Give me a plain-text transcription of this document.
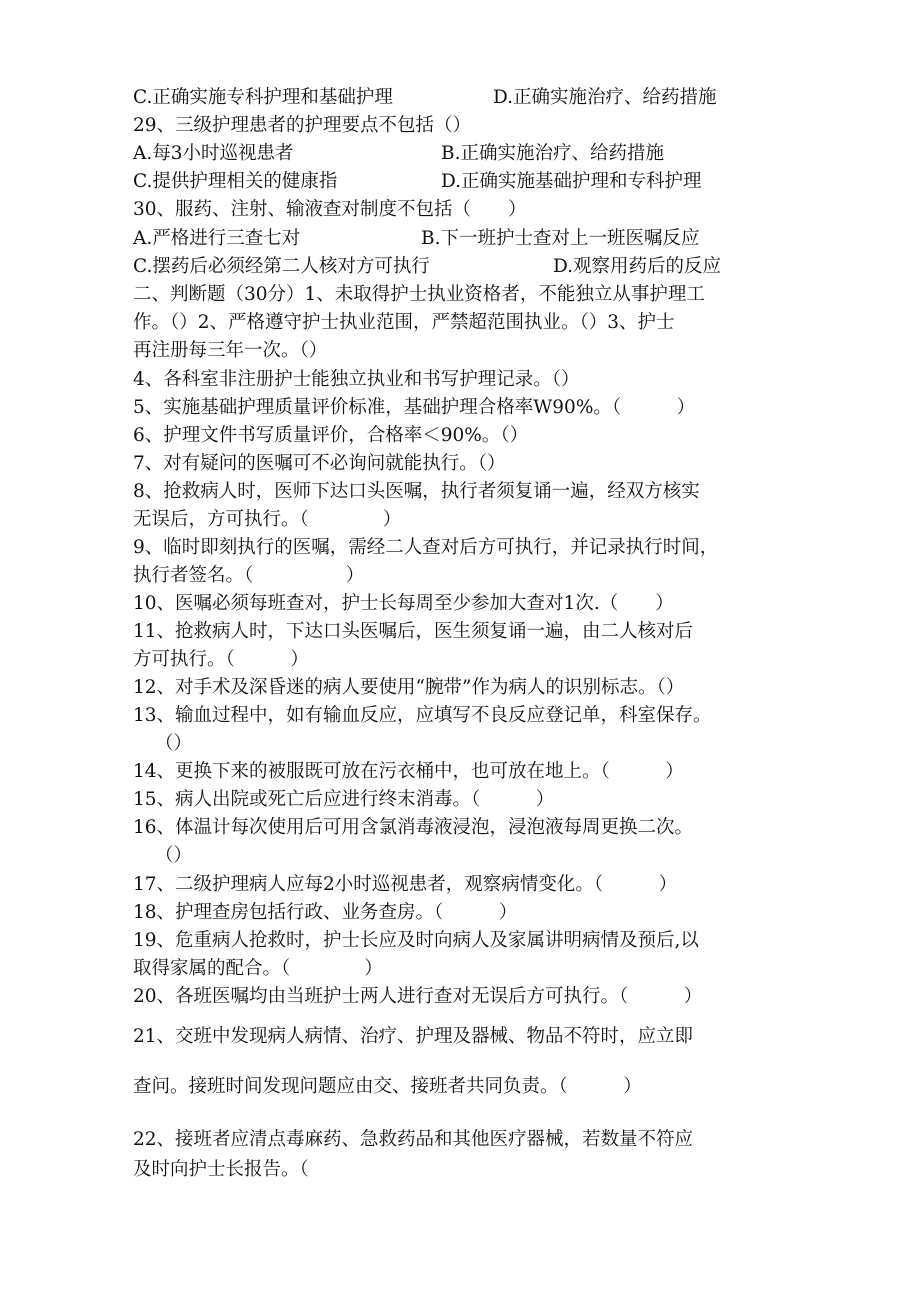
C.正确实施专科护理和基础护理	D.正确实施治疗、给药措施
29、三级护理患者的护理要点不包括（）
A.每3小时巡视患者	B.正确实施治疗、给药措施
C.提供护理相关的健康指	D.正确实施基础护理和专科护理
30、服药、注射、输液查对制度不包括（　　）
A.严格进行三查七对	B.下一班护士查对上一班医嘱反应
C.摆药后必须经第二人核对方可执行	D.观察用药后的反应
二、判断题（30分）1、未取得护士执业资格者，不能独立从事护理工
作。（）2、严格遵守护士执业范围，严禁超范围执业。（）3、护士
再注册每三年一次。（）
4、各科室非注册护士能独立执业和书写护理记录。（）
5、实施基础护理质量评价标准，基础护理合格率W90%。（　　　）
6、护理文件书写质量评价，合格率＜90%。（）
7、对有疑问的医嘱可不必询问就能执行。（）
8、抢救病人时，医师下达口头医嘱，执行者须复诵一遍，经双方核实
无误后，方可执行。（　　　　）
9、临时即刻执行的医嘱，需经二人查对后方可执行，并记录执行时间，
执行者签名。（　　　　　）
10、医嘱必须每班查对，护士长每周至少参加大查对1次.（　　）
11、抢救病人时，下达口头医嘱后，医生须复诵一遍，由二人核对后
方可执行。（　　　）
12、对手术及深昏迷的病人要使用“腕带”作为病人的识别标志。（）
13、输血过程中，如有输血反应，应填写不良反应登记单，科室保存。
（）
14、更换下来的被服既可放在污衣桶中，也可放在地上。（　　　）
15、病人出院或死亡后应进行终末消毒。（　　　）
16、体温计每次使用后可用含氯消毒液浸泡，浸泡液每周更换二次。
（）
17、二级护理病人应每2小时巡视患者，观察病情变化。（　　　）
18、护理查房包括行政、业务查房。（　　　）
19、危重病人抢救时，护士长应及时向病人及家属讲明病情及预后,以
取得家属的配合。（　　　　）
20、各班医嘱均由当班护士两人进行查对无误后方可执行。（　　　）
21、交班中发现病人病情、治疗、护理及器械、物品不符时，应立即
查问。接班时间发现问题应由交、接班者共同负责。（　　　）
22、接班者应清点毒麻药、急救药品和其他医疗器械，若数量不符应
及时向护士长报告。（
